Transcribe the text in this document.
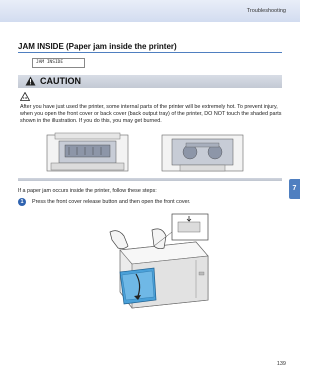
Troubleshooting
7
JAM INSIDE (Paper jam inside the printer)
JAM INSIDE
CAUTION
After you have just used the printer, some internal parts of the printer will be extremely hot. To prevent injury, when you open the front cover or back cover (back output tray) of the printer, DO NOT touch the shaded parts shown in the illustration. If you do this, you may get burned.
If a paper jam occurs inside the printer, follow these steps:
1	Press the front cover release button and then open the front cover.
139
